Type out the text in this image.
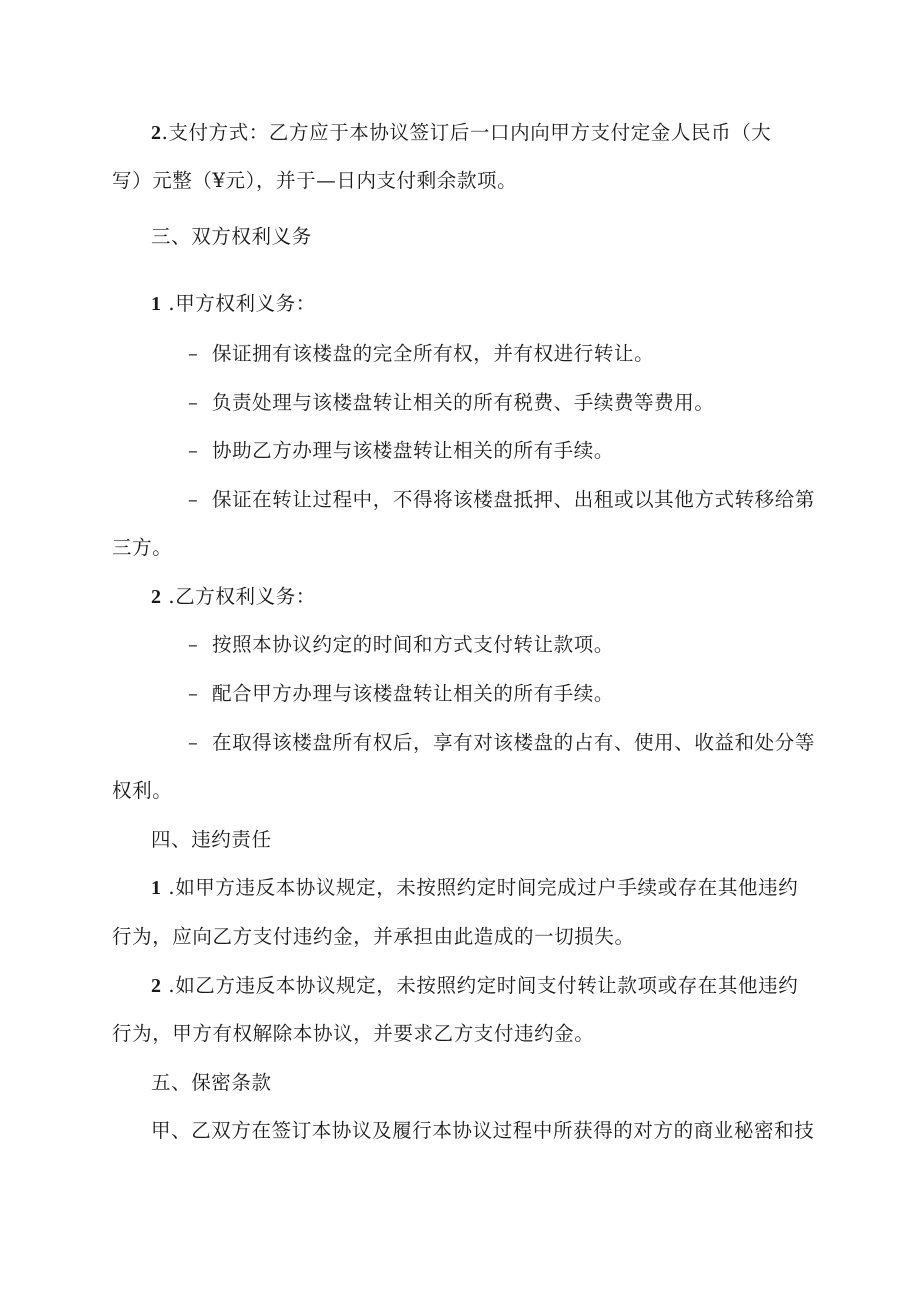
2.支付方式：乙方应于本协议签订后一口内向甲方支付定金人民币（大
写）元整（¥元），并于—日内支付剩余款项。
三、双方权利义务
1 .甲方权利义务：
– 保证拥有该楼盘的完全所有权，并有权进行转让。
– 负责处理与该楼盘转让相关的所有税费、手续费等费用。
– 协助乙方办理与该楼盘转让相关的所有手续。
– 保证在转让过程中，不得将该楼盘抵押、出租或以其他方式转移给第
三方。
2 .乙方权利义务：
– 按照本协议约定的时间和方式支付转让款项。
– 配合甲方办理与该楼盘转让相关的所有手续。
– 在取得该楼盘所有权后，享有对该楼盘的占有、使用、收益和处分等
权利。
四、违约责任
1 .如甲方违反本协议规定，未按照约定时间完成过户手续或存在其他违约
行为，应向乙方支付违约金，并承担由此造成的一切损失。
2 .如乙方违反本协议规定，未按照约定时间支付转让款项或存在其他违约
行为，甲方有权解除本协议，并要求乙方支付违约金。
五、保密条款
甲、乙双方在签订本协议及履行本协议过程中所获得的对方的商业秘密和技
